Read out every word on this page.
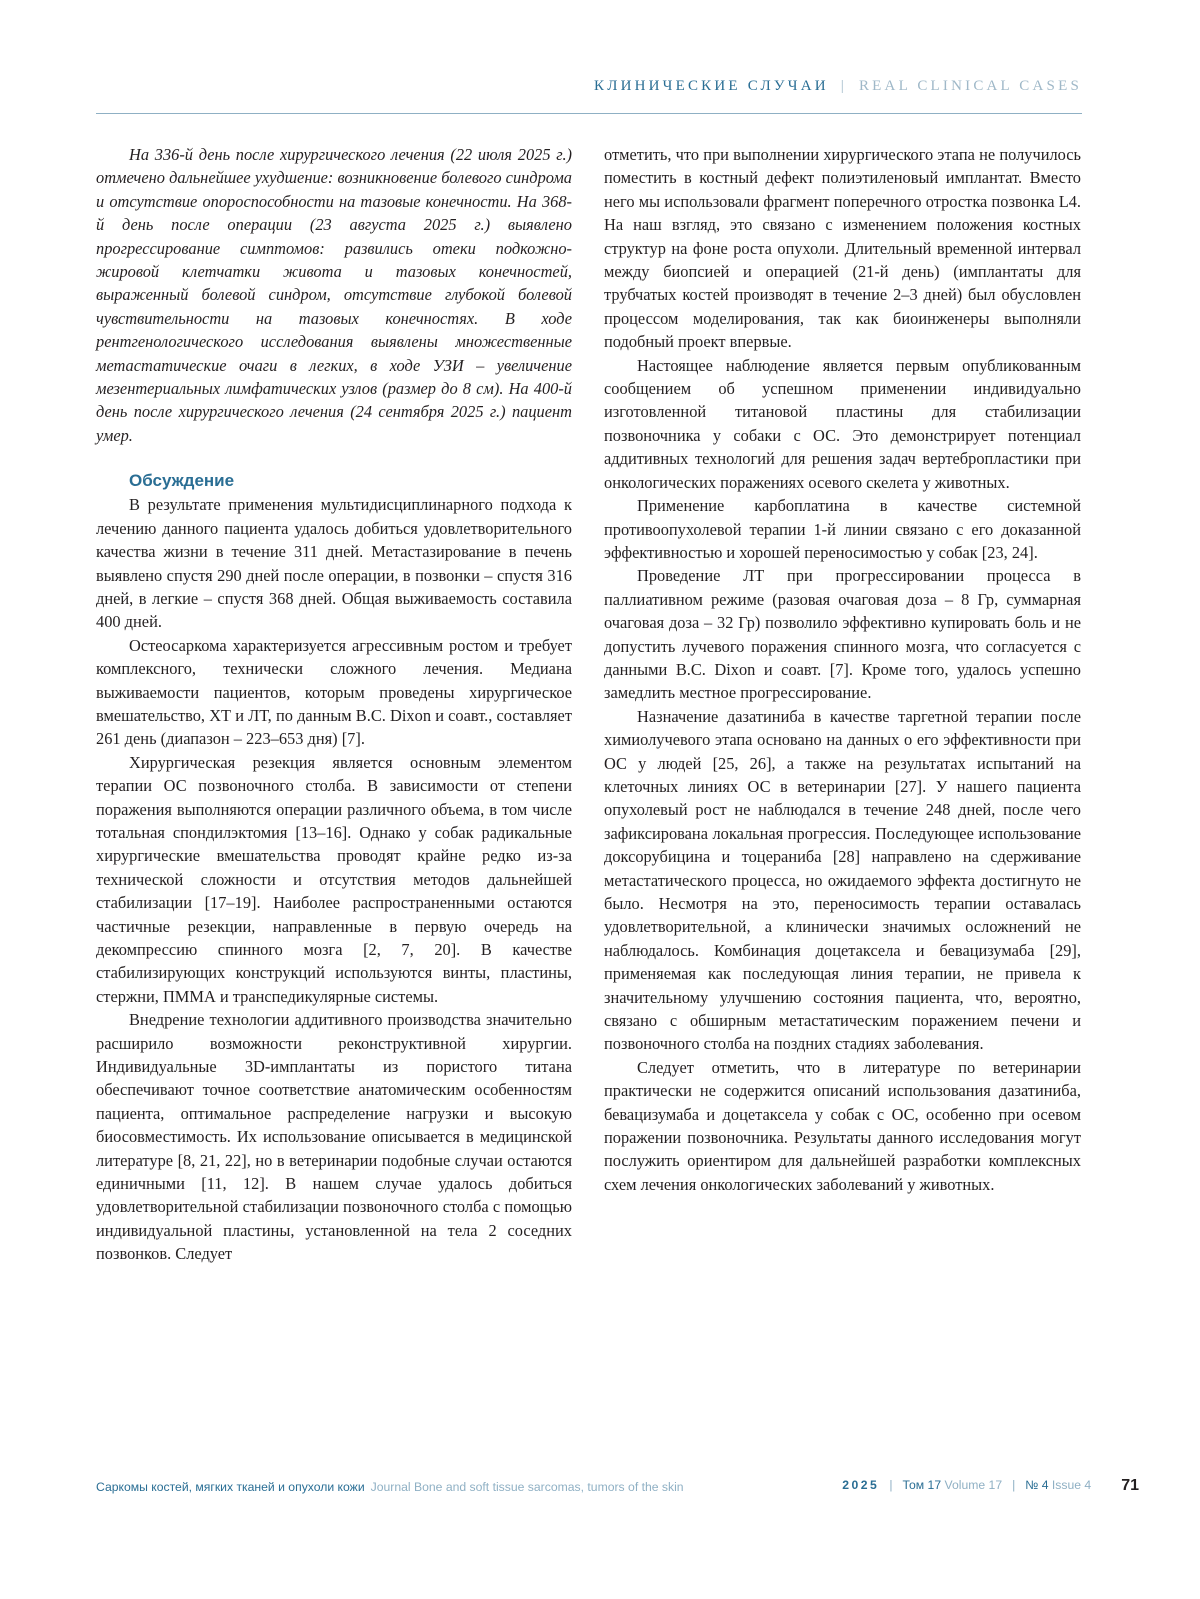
КЛИНИЧЕСКИЕ СЛУЧАИ | REAL CLINICAL CASES

На 336-й день после хирургического лечения (22 июля 2025 г.) отмечено дальнейшее ухудшение: возникновение болевого синдрома и отсутствие опороспособности на тазовые конечности. На 368-й день после операции (23 августа 2025 г.) выявлено прогрессирование симптомов: развились отеки подкожно-жировой клетчатки живота и тазовых конечностей, выраженный болевой синдром, отсутствие глубокой болевой чувствительности на тазовых конечностях. В ходе рентгенологического исследования выявлены множественные метастатические очаги в легких, в ходе УЗИ – увеличение мезентериальных лимфатических узлов (размер до 8 см). На 400-й день после хирургического лечения (24 сентября 2025 г.) пациент умер.

Обсуждение

В результате применения мультидисциплинарного подхода к лечению данного пациента удалось добиться удовлетворительного качества жизни в течение 311 дней. Метастазирование в печень выявлено спустя 290 дней после операции, в позвонки – спустя 316 дней, в легкие – спустя 368 дней. Общая выживаемость составила 400 дней.

Остеосаркома характеризуется агрессивным ростом и требует комплексного, технически сложного лечения. Медиана выживаемости пациентов, которым проведены хирургическое вмешательство, ХТ и ЛТ, по данным B.C. Dixon и соавт., составляет 261 день (диапазон – 223–653 дня) [7].

Хирургическая резекция является основным элементом терапии ОС позвоночного столба. В зависимости от степени поражения выполняются операции различного объема, в том числе тотальная спондилэктомия [13–16]. Однако у собак радикальные хирургические вмешательства проводят крайне редко из-за технической сложности и отсутствия методов дальнейшей стабилизации [17–19]. Наиболее распространенными остаются частичные резекции, направленные в первую очередь на декомпрессию спинного мозга [2, 7, 20]. В качестве стабилизирующих конструкций используются винты, пластины, стержни, ПММА и транспедикулярные системы.

Внедрение технологии аддитивного производства значительно расширило возможности реконструктивной хирургии. Индивидуальные 3D-имплантаты из пористого титана обеспечивают точное соответствие анатомическим особенностям пациента, оптимальное распределение нагрузки и высокую биосовместимость. Их использование описывается в медицинской литературе [8, 21, 22], но в ветеринарии подобные случаи остаются единичными [11, 12]. В нашем случае удалось добиться удовлетворительной стабилизации позвоночного столба с помощью индивидуальной пластины, установленной на тела 2 соседних позвонков. Следует

отметить, что при выполнении хирургического этапа не получилось поместить в костный дефект полиэтиленовый имплантат. Вместо него мы использовали фрагмент поперечного отростка позвонка L4. На наш взгляд, это связано с изменением положения костных структур на фоне роста опухоли. Длительный временной интервал между биопсией и операцией (21-й день) (имплантаты для трубчатых костей производят в течение 2–3 дней) был обусловлен процессом моделирования, так как биоинженеры выполняли подобный проект впервые.

Настоящее наблюдение является первым опубликованным сообщением об успешном применении индивидуально изготовленной титановой пластины для стабилизации позвоночника у собаки с ОС. Это демонстрирует потенциал аддитивных технологий для решения задач вертебропластики при онкологических поражениях осевого скелета у животных.

Применение карбоплатина в качестве системной противоопухолевой терапии 1-й линии связано с его доказанной эффективностью и хорошей переносимостью у собак [23, 24].

Проведение ЛТ при прогрессировании процесса в паллиативном режиме (разовая очаговая доза – 8 Гр, суммарная очаговая доза – 32 Гр) позволило эффективно купировать боль и не допустить лучевого поражения спинного мозга, что согласуется с данными B.C. Dixon и соавт. [7]. Кроме того, удалось успешно замедлить местное прогрессирование.

Назначение дазатиниба в качестве таргетной терапии после химиолучевого этапа основано на данных о его эффективности при ОС у людей [25, 26], а также на результатах испытаний на клеточных линиях ОС в ветеринарии [27]. У нашего пациента опухолевый рост не наблюдался в течение 248 дней, после чего зафиксирована локальная прогрессия. Последующее использование доксорубицина и тоцераниба [28] направлено на сдерживание метастатического процесса, но ожидаемого эффекта достигнуто не было. Несмотря на это, переносимость терапии оставалась удовлетворительной, а клинически значимых осложнений не наблюдалось. Комбинация доцетаксела и бевацизумаба [29], применяемая как последующая линия терапии, не привела к значительному улучшению состояния пациента, что, вероятно, связано с обширным метастатическим поражением печени и позвоночного столба на поздних стадиях заболевания.

Следует отметить, что в литературе по ветеринарии практически не содержится описаний использования дазатиниба, бевацизумаба и доцетаксела у собак с ОС, особенно при осевом поражении позвоночника. Результаты данного исследования могут послужить ориентиром для дальнейшей разработки комплексных схем лечения онкологических заболеваний у животных.

Саркомы костей, мягких тканей и опухоли кожи Journal Bone and soft tissue sarcomas, tumors of the skin	2025 | Том 17 Volume 17 | № 4 Issue 4 71
